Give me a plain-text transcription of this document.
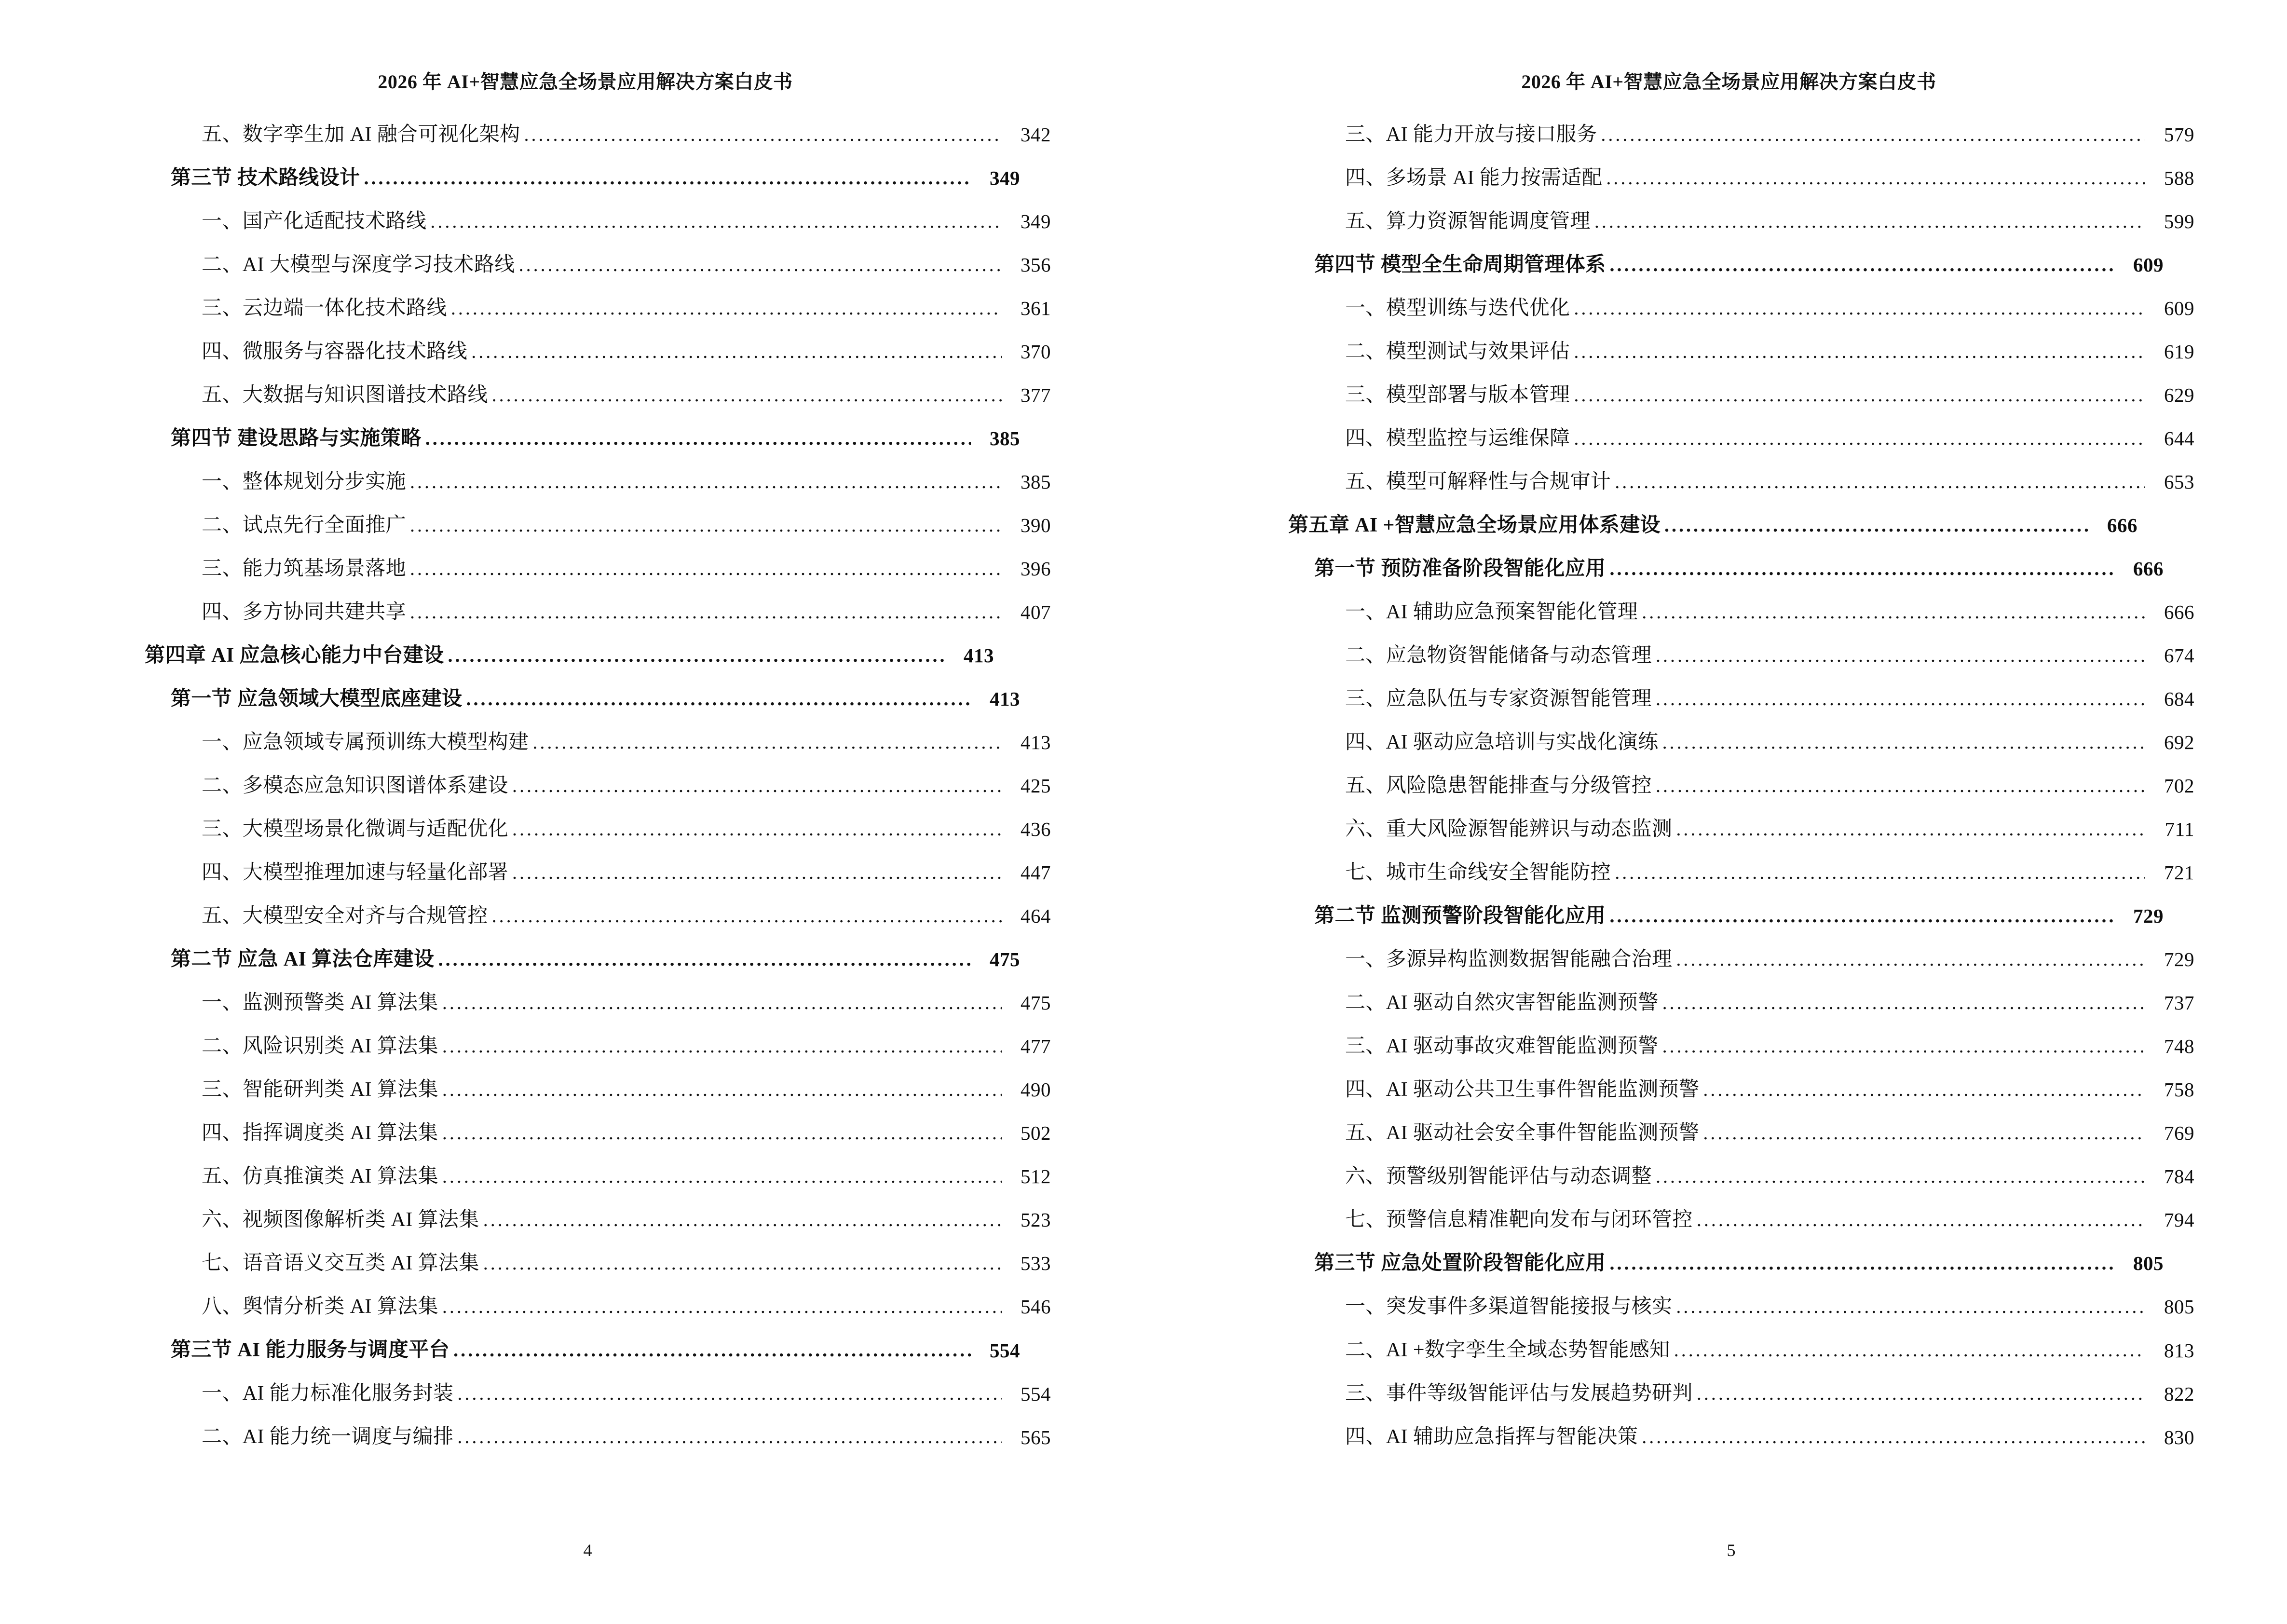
2026 年 AI+智慧应急全场景应用解决方案白皮书
五、数字孪生加 AI 融合可视化架构 . . .	342
第三节 技术路线设计 . . .	349
一、国产化适配技术路线 . . .	349
二、AI 大模型与深度学习技术路线 . . .	356
三、云边端一体化技术路线 . . .	361
四、微服务与容器化技术路线 . . .	370
五、大数据与知识图谱技术路线 . . .	377
第四节 建设思路与实施策略 . . .	385
一、整体规划分步实施 . . .	385
二、试点先行全面推广 . . .	390
三、能力筑基场景落地 . . .	396
四、多方协同共建共享 . . .	407
第四章 AI 应急核心能力中台建设 . . .	413
第一节 应急领域大模型底座建设 . . .	413
一、应急领域专属预训练大模型构建 . . .	413
二、多模态应急知识图谱体系建设 . . .	425
三、大模型场景化微调与适配优化 . . .	436
四、大模型推理加速与轻量化部署 . . .	447
五、大模型安全对齐与合规管控 . . .	464
第二节 应急 AI 算法仓库建设 . . .	475
一、监测预警类 AI 算法集 . . .	475
二、风险识别类 AI 算法集 . . .	477
三、智能研判类 AI 算法集 . . .	490
四、指挥调度类 AI 算法集 . . .	502
五、仿真推演类 AI 算法集 . . .	512
六、视频图像解析类 AI 算法集 . . .	523
七、语音语义交互类 AI 算法集 . . .	533
八、舆情分析类 AI 算法集 . . .	546
第三节 AI 能力服务与调度平台 . . .	554
一、AI 能力标准化服务封装 . . .	554
二、AI 能力统一调度与编排 . . .	565
4
2026 年 AI+智慧应急全场景应用解决方案白皮书
三、AI 能力开放与接口服务 . . .	579
四、多场景 AI 能力按需适配 . . .	588
五、算力资源智能调度管理 . . .	599
第四节 模型全生命周期管理体系 . . .	609
一、模型训练与迭代优化 . . .	609
二、模型测试与效果评估 . . .	619
三、模型部署与版本管理 . . .	629
四、模型监控与运维保障 . . .	644
五、模型可解释性与合规审计 . . .	653
第五章 AI +智慧应急全场景应用体系建设 . . .	666
第一节 预防准备阶段智能化应用 . . .	666
一、AI 辅助应急预案智能化管理 . . .	666
二、应急物资智能储备与动态管理 . . .	674
三、应急队伍与专家资源智能管理 . . .	684
四、AI 驱动应急培训与实战化演练 . . .	692
五、风险隐患智能排查与分级管控 . . .	702
六、重大风险源智能辨识与动态监测 . . .	711
七、城市生命线安全智能防控 . . .	721
第二节 监测预警阶段智能化应用 . . .	729
一、多源异构监测数据智能融合治理 . . .	729
二、AI 驱动自然灾害智能监测预警 . . .	737
三、AI 驱动事故灾难智能监测预警 . . .	748
四、AI 驱动公共卫生事件智能监测预警 . . .	758
五、AI 驱动社会安全事件智能监测预警 . . .	769
六、预警级别智能评估与动态调整 . . .	784
七、预警信息精准靶向发布与闭环管控 . . .	794
第三节 应急处置阶段智能化应用 . . .	805
一、突发事件多渠道智能接报与核实 . . .	805
二、AI +数字孪生全域态势智能感知 . . .	813
三、事件等级智能评估与发展趋势研判 . . .	822
四、AI 辅助应急指挥与智能决策 . . .	830
5
